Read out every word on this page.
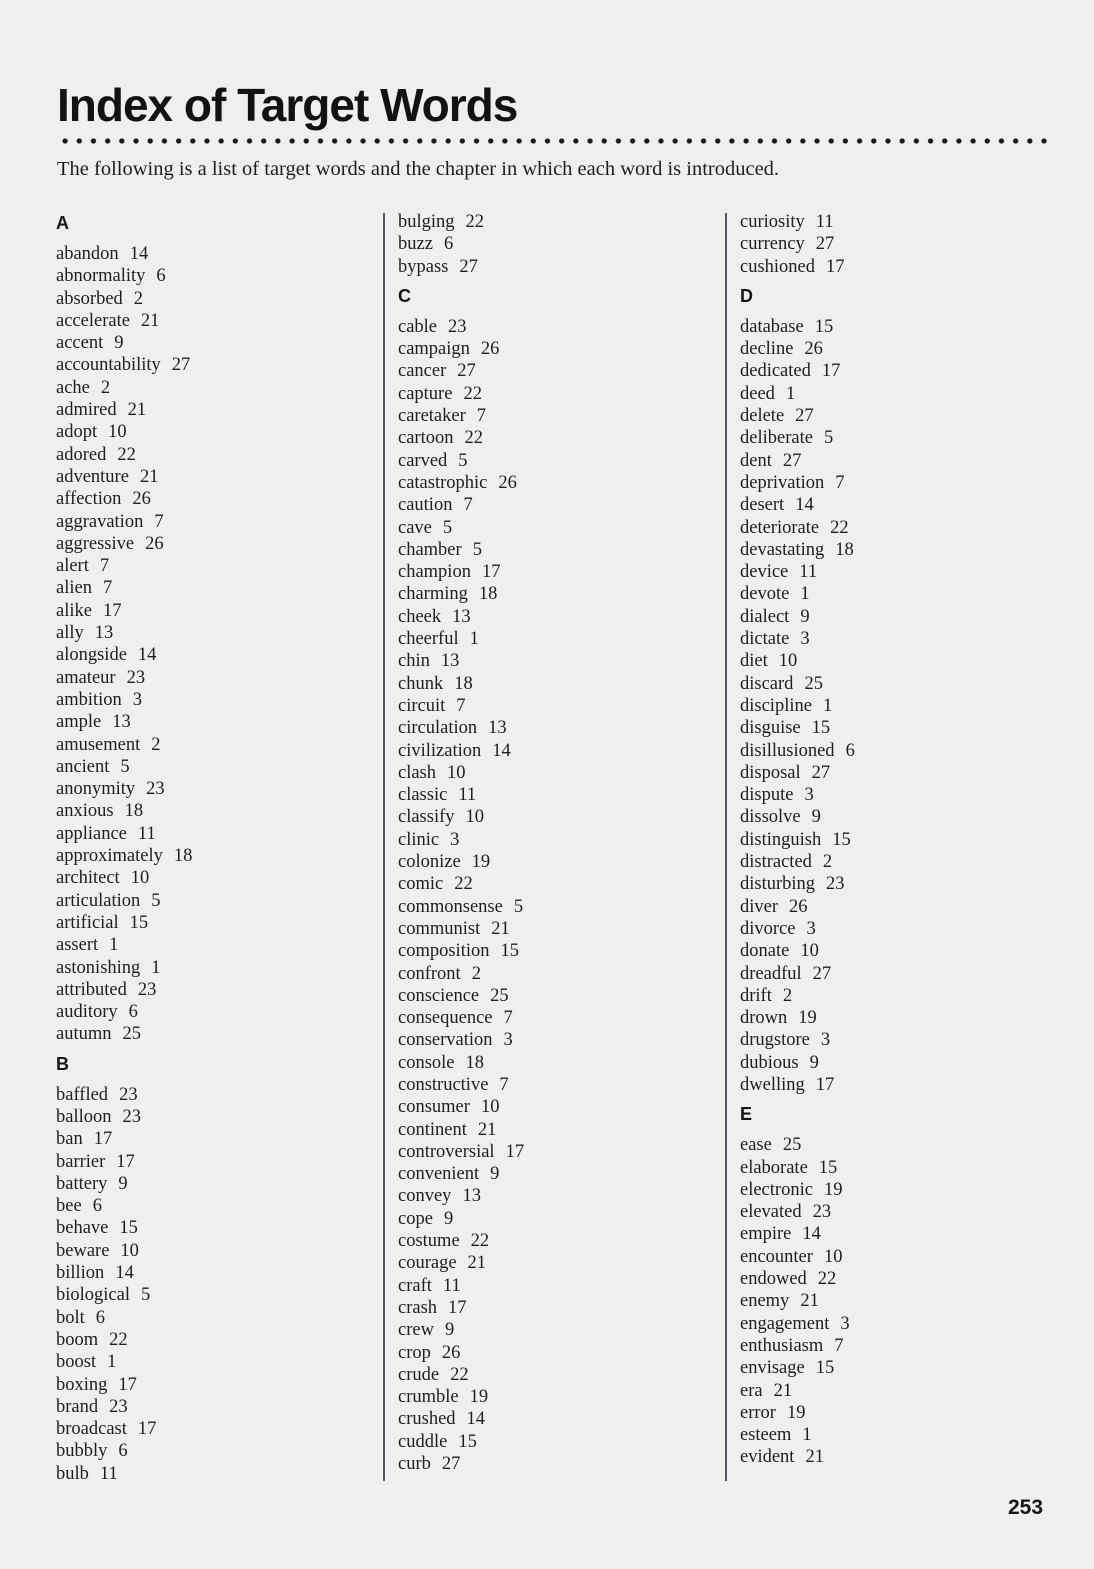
Index of Target Words
The following is a list of target words and the chapter in which each word is introduced.
A
abandon 14
abnormality 6
absorbed 2
accelerate 21
accent 9
accountability 27
ache 2
admired 21
adopt 10
adored 22
adventure 21
affection 26
aggravation 7
aggressive 26
alert 7
alien 7
alike 17
ally 13
alongside 14
amateur 23
ambition 3
ample 13
amusement 2
ancient 5
anonymity 23
anxious 18
appliance 11
approximately 18
architect 10
articulation 5
artificial 15
assert 1
astonishing 1
attributed 23
auditory 6
autumn 25
B
baffled 23
balloon 23
ban 17
barrier 17
battery 9
bee 6
behave 15
beware 10
billion 14
biological 5
bolt 6
boom 22
boost 1
boxing 17
brand 23
broadcast 17
bubbly 6
bulb 11
bulging 22
buzz 6
bypass 27
C
cable 23
campaign 26
cancer 27
capture 22
caretaker 7
cartoon 22
carved 5
catastrophic 26
caution 7
cave 5
chamber 5
champion 17
charming 18
cheek 13
cheerful 1
chin 13
chunk 18
circuit 7
circulation 13
civilization 14
clash 10
classic 11
classify 10
clinic 3
colonize 19
comic 22
commonsense 5
communist 21
composition 15
confront 2
conscience 25
consequence 7
conservation 3
console 18
constructive 7
consumer 10
continent 21
controversial 17
convenient 9
convey 13
cope 9
costume 22
courage 21
craft 11
crash 17
crew 9
crop 26
crude 22
crumble 19
crushed 14
cuddle 15
curb 27
curiosity 11
currency 27
cushioned 17
D
database 15
decline 26
dedicated 17
deed 1
delete 27
deliberate 5
dent 27
deprivation 7
desert 14
deteriorate 22
devastating 18
device 11
devote 1
dialect 9
dictate 3
diet 10
discard 25
discipline 1
disguise 15
disillusioned 6
disposal 27
dispute 3
dissolve 9
distinguish 15
distracted 2
disturbing 23
diver 26
divorce 3
donate 10
dreadful 27
drift 2
drown 19
drugstore 3
dubious 9
dwelling 17
E
ease 25
elaborate 15
electronic 19
elevated 23
empire 14
encounter 10
endowed 22
enemy 21
engagement 3
enthusiasm 7
envisage 15
era 21
error 19
esteem 1
evident 21
253
